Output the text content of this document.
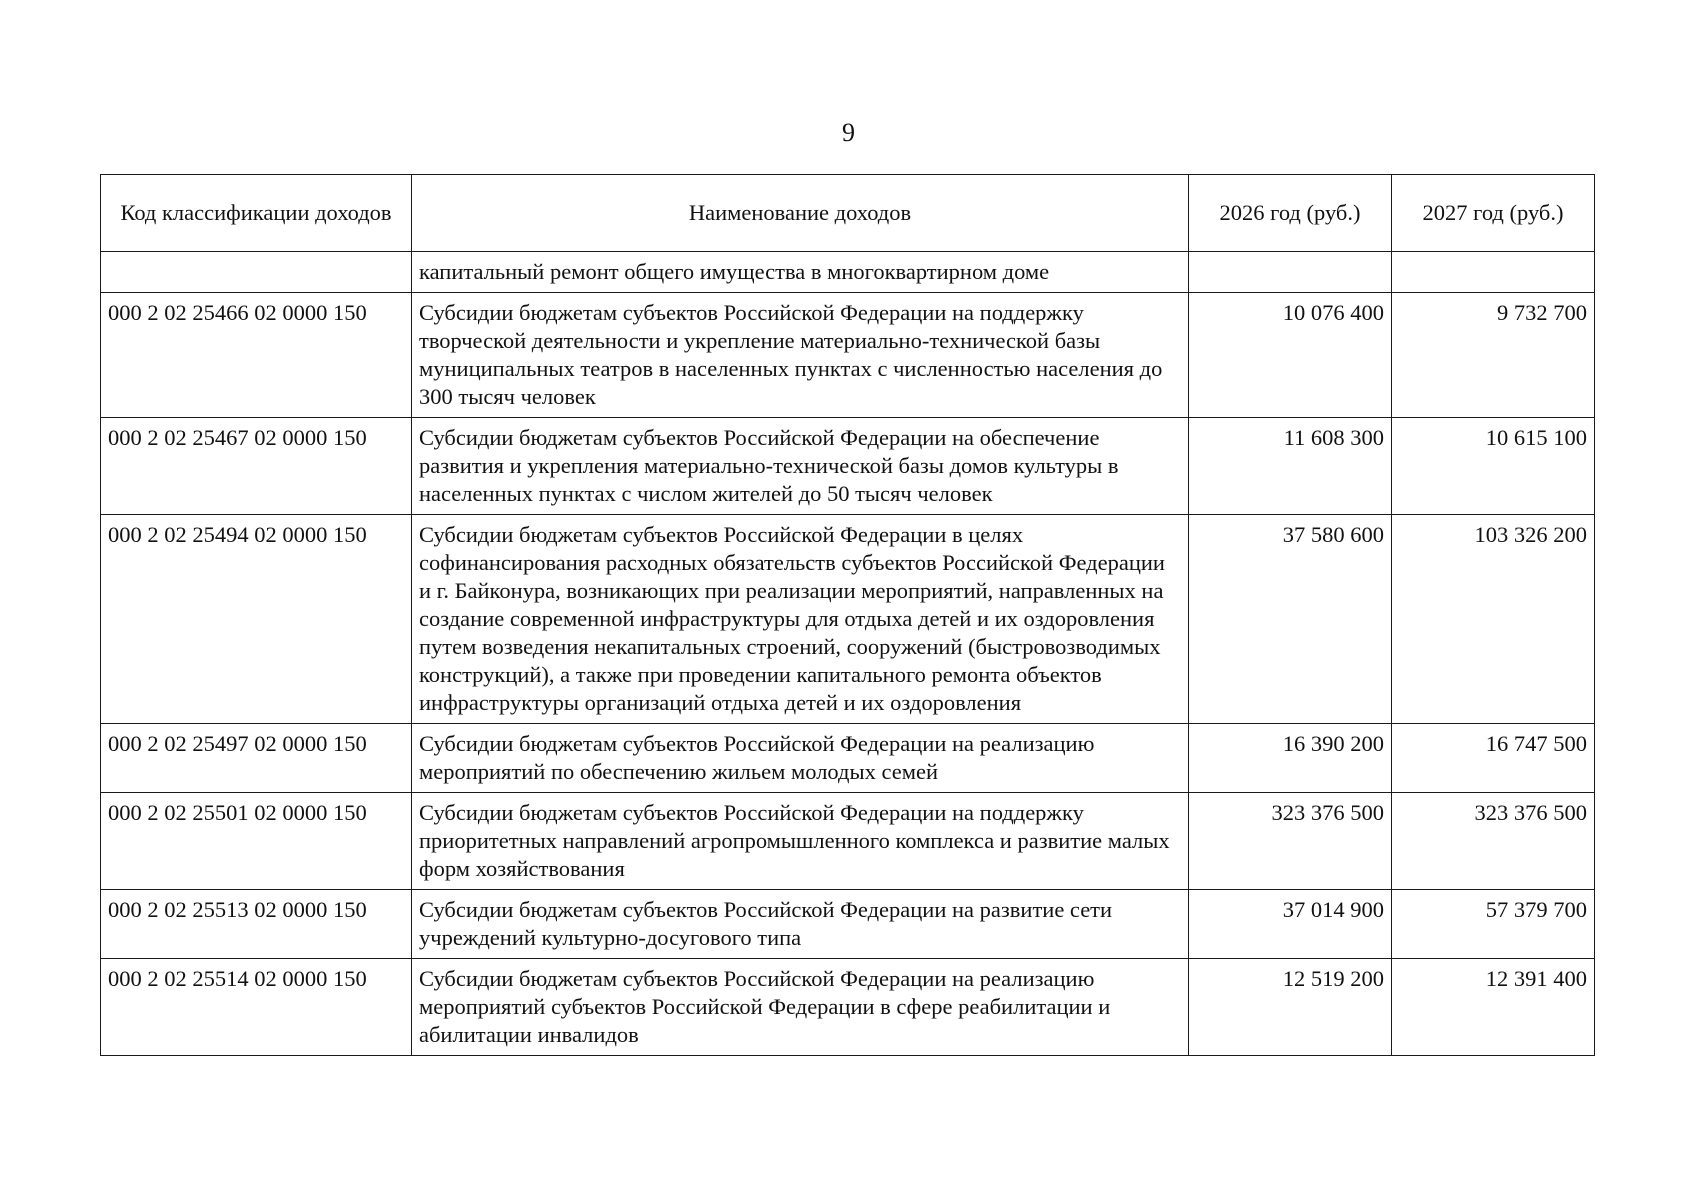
9
Код классификации доходов	Наименование доходов	2026 год (руб.)	2027 год (руб.)
	капитальный ремонт общего имущества в многоквартирном доме		
000 2 02 25466 02 0000 150	Субсидии бюджетам субъектов Российской Федерации на поддержку творческой деятельности и укрепление материально-технической базы муниципальных театров в населенных пунктах с численностью населения до 300 тысяч человек	10 076 400	9 732 700
000 2 02 25467 02 0000 150	Субсидии бюджетам субъектов Российской Федерации на обеспечение развития и укрепления материально-технической базы домов культуры в населенных пунктах с числом жителей до 50 тысяч человек	11 608 300	10 615 100
000 2 02 25494 02 0000 150	Субсидии бюджетам субъектов Российской Федерации в целях софинансирования расходных обязательств субъектов Российской Федерации и г. Байконура, возникающих при реализации мероприятий, направленных на создание современной инфраструктуры для отдыха детей и их оздоровления путем возведения некапитальных строений, сооружений (быстровозводимых конструкций), а также при проведении капитального ремонта объектов инфраструктуры организаций отдыха детей и их оздоровления	37 580 600	103 326 200
000 2 02 25497 02 0000 150	Субсидии бюджетам субъектов Российской Федерации на реализацию мероприятий по обеспечению жильем молодых семей	16 390 200	16 747 500
000 2 02 25501 02 0000 150	Субсидии бюджетам субъектов Российской Федерации на поддержку приоритетных направлений агропромышленного комплекса и развитие малых форм хозяйствования	323 376 500	323 376 500
000 2 02 25513 02 0000 150	Субсидии бюджетам субъектов Российской Федерации на развитие сети учреждений культурно-досугового типа	37 014 900	57 379 700
000 2 02 25514 02 0000 150	Субсидии бюджетам субъектов Российской Федерации на реализацию мероприятий субъектов Российской Федерации в сфере реабилитации и абилитации инвалидов	12 519 200	12 391 400
